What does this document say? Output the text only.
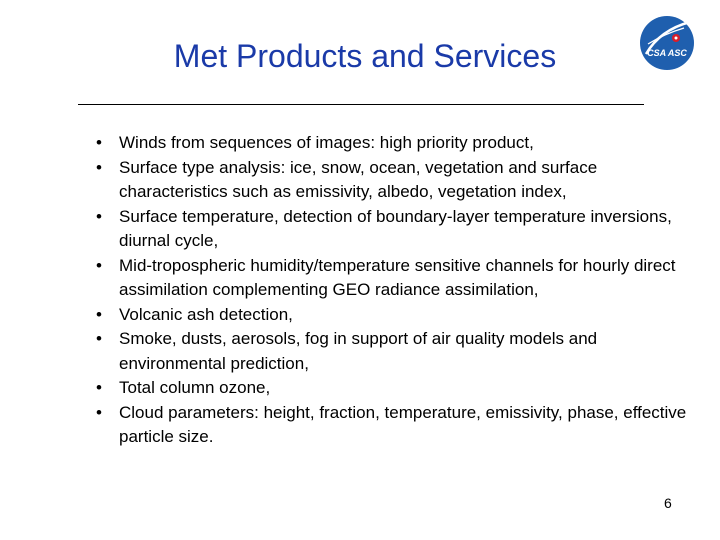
Met Products and Services	CSA ASC
• Winds from sequences of images: high priority product,
• Surface type analysis: ice, snow, ocean, vegetation and surface characteristics such as emissivity, albedo, vegetation index,
• Surface temperature, detection of boundary-layer temperature inversions, diurnal cycle,
• Mid-tropospheric humidity/temperature sensitive channels for hourly direct assimilation complementing GEO radiance assimilation,
• Volcanic ash detection,
• Smoke, dusts, aerosols, fog in support of air quality models and environmental prediction,
• Total column ozone,
• Cloud parameters: height, fraction, temperature, emissivity, phase, effective particle size.
6
